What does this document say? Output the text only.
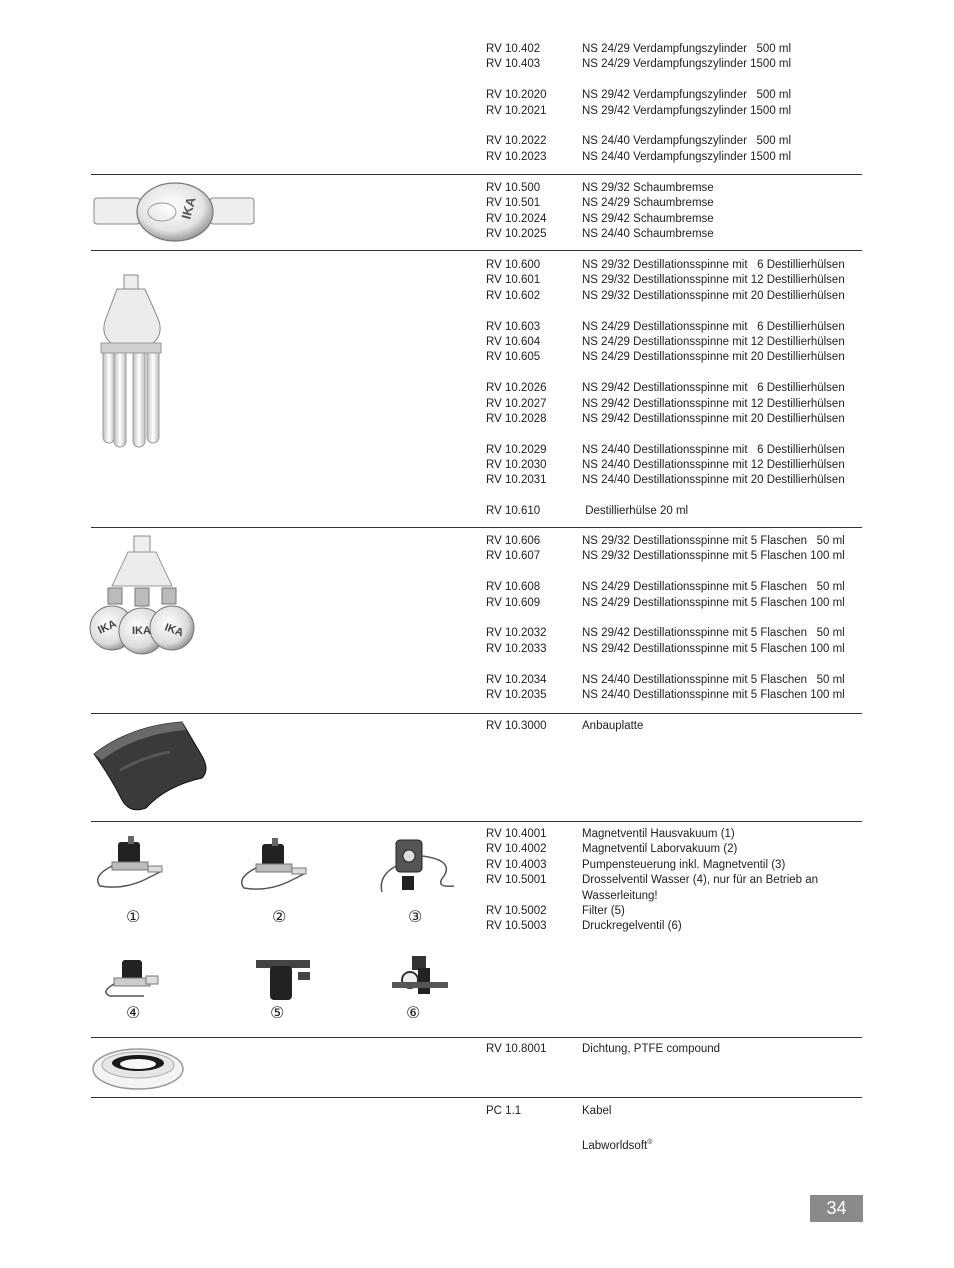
RV 10.402	NS 24/29 Verdampfungszylinder   500 ml
RV 10.403	NS 24/29 Verdampfungszylinder 1500 ml
RV 10.2020	NS 29/42 Verdampfungszylinder   500 ml
RV 10.2021	NS 29/42 Verdampfungszylinder 1500 ml
RV 10.2022	NS 24/40 Verdampfungszylinder   500 ml
RV 10.2023	NS 24/40 Verdampfungszylinder 1500 ml
IKA
RV 10.500	NS 29/32 Schaumbremse
RV 10.501	NS 24/29 Schaumbremse
RV 10.2024	NS 29/42 Schaumbremse
RV 10.2025	NS 24/40 Schaumbremse
RV 10.600	NS 29/32 Destillationsspinne mit   6 Destillierhülsen
RV 10.601	NS 29/32 Destillationsspinne mit 12 Destillierhülsen
RV 10.602	NS 29/32 Destillationsspinne mit 20 Destillierhülsen
RV 10.603	NS 24/29 Destillationsspinne mit   6 Destillierhülsen
RV 10.604	NS 24/29 Destillationsspinne mit 12 Destillierhülsen
RV 10.605	NS 24/29 Destillationsspinne mit 20 Destillierhülsen
RV 10.2026	NS 29/42 Destillationsspinne mit   6 Destillierhülsen
RV 10.2027	NS 29/42 Destillationsspinne mit 12 Destillierhülsen
RV 10.2028	NS 29/42 Destillationsspinne mit 20 Destillierhülsen
RV 10.2029	NS 24/40 Destillationsspinne mit   6 Destillierhülsen
RV 10.2030	NS 24/40 Destillationsspinne mit 12 Destillierhülsen
RV 10.2031	NS 24/40 Destillationsspinne mit 20 Destillierhülsen
RV 10.610	Destillierhülse 20 ml
IKA IKA IKA
RV 10.606	NS 29/32 Destillationsspinne mit 5 Flaschen   50 ml
RV 10.607	NS 29/32 Destillationsspinne mit 5 Flaschen 100 ml
RV 10.608	NS 24/29 Destillationsspinne mit 5 Flaschen   50 ml
RV 10.609	NS 24/29 Destillationsspinne mit 5 Flaschen 100 ml
RV 10.2032	NS 29/42 Destillationsspinne mit 5 Flaschen   50 ml
RV 10.2033	NS 29/42 Destillationsspinne mit 5 Flaschen 100 ml
RV 10.2034	NS 24/40 Destillationsspinne mit 5 Flaschen   50 ml
RV 10.2035	NS 24/40 Destillationsspinne mit 5 Flaschen 100 ml
RV 10.3000	Anbauplatte
①	②	③
④	⑤	⑥
RV 10.4001	Magnetventil Hausvakuum (1)
RV 10.4002	Magnetventil Laborvakuum (2)
RV 10.4003	Pumpensteuerung inkl. Magnetventil (3)
RV 10.5001	Drosselventil Wasser (4), nur für an Betrieb an
Wasserleitung!
RV 10.5002	Filter (5)
RV 10.5003	Druckregelventil (6)
RV 10.8001	Dichtung, PTFE compound
PC 1.1	Kabel
Labworldsoft®
34
